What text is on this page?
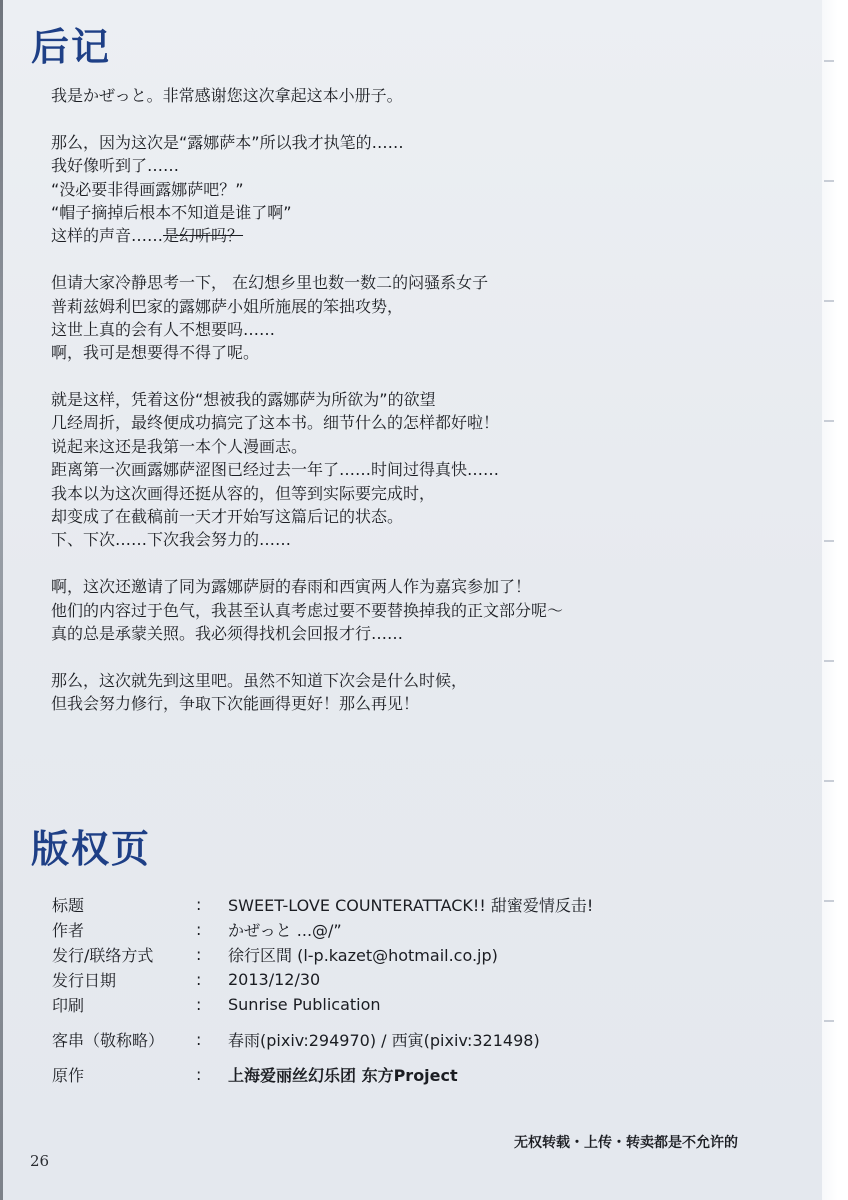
后记
我是かぜっと。非常感谢您这次拿起这本小册子。
那么，因为这次是“露娜萨本”所以我才执笔的……
我好像听到了……
“没必要非得画露娜萨吧？”
“帽子摘掉后根本不知道是谁了啊”
这样的声音……是幻听吗？
但请大家冷静思考一下， 在幻想乡里也数一数二的闷骚系女子
普莉兹姆利巴家的露娜萨小姐所施展的笨拙攻势，
这世上真的会有人不想要吗……
啊，我可是想要得不得了呢。
就是这样，凭着这份“想被我的露娜萨为所欲为”的欲望
几经周折，最终便成功搞完了这本书。细节什么的怎样都好啦！
说起来这还是我第一本个人漫画志。
距离第一次画露娜萨涩图已经过去一年了……时间过得真快……
我本以为这次画得还挺从容的，但等到实际要完成时，
却变成了在截稿前一天才开始写这篇后记的状态。
下、下次……下次我会努力的……
啊，这次还邀请了同为露娜萨厨的春雨和西寅两人作为嘉宾参加了！
他们的内容过于色气，我甚至认真考虑过要不要替换掉我的正文部分呢～
真的总是承蒙关照。我必须得找机会回报才行……
那么，这次就先到这里吧。虽然不知道下次会是什么时候，
但我会努力修行，争取下次能画得更好！那么再见！
版权页
标题	:	SWEET-LOVE COUNTERATTACK!! 甜蜜爱情反击!
作者	:	かぜっと ...@/”
发行/联络方式	:	徐行区間 (l-p.kazet@hotmail.co.jp)
发行日期	:	2013/12/30
印刷	:	Sunrise Publication
客串（敬称略）	:	春雨(pixiv:294970) / 西寅(pixiv:321498)
原作	:	上海爱丽丝幻乐团 东方Project
无权转载・上传・转卖都是不允许的
26
